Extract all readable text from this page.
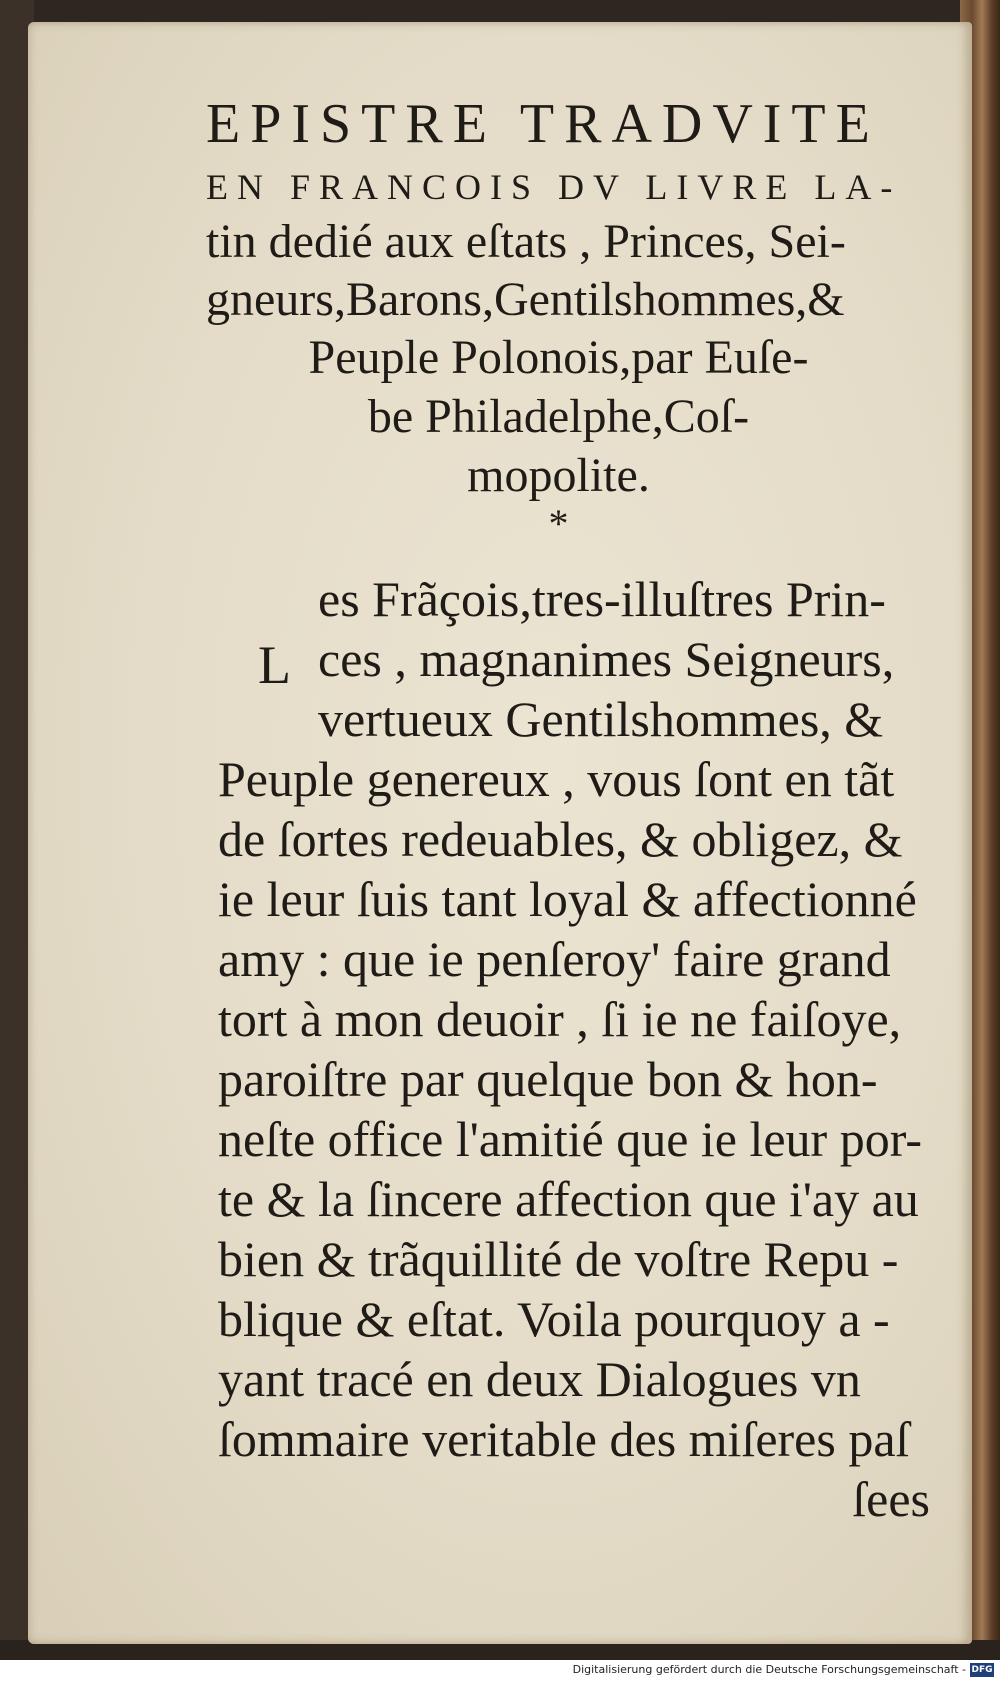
EPISTRE TRADVITE
EN FRANCOIS DV LIVRE LA-
tin dedié aux eſtats , Princes, Sei-
gneurs,Barons,Gentilshommes,&
Peuple Polonois,par Euſe-
be Philadelphe,Coſ-
mopolite.
*
L
es Frãçois,tres-illuſtres Prin-
ces , magnanimes Seigneurs,
vertueux Gentilshommes, &
Peuple genereux , vous ſont en tãt
de ſortes redeuables, & obligez, &
ie leur ſuis tant loyal & affectionné
amy : que ie penſeroy' faire grand
tort à mon deuoir , ſi ie ne faiſoye,
paroiſtre par quelque bon & hon-
neſte office l'amitié que ie leur por-
te & la ſincere affection que i'ay au
bien & trãquillité de voſtre Repu -
blique & eſtat. Voila pourquoy a -
yant tracé en deux Dialogues vn
ſommaire veritable des miſeres paſ
ſees
Digitalisierung gefördert durch die Deutsche Forschungsgemeinschaft - DFG
